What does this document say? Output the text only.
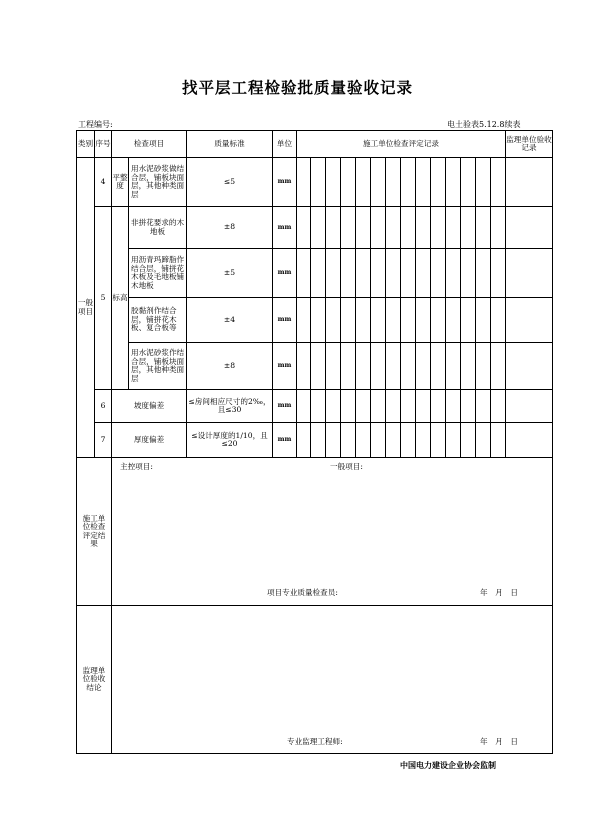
找平层工程检验批质量验收记录
工程编号:	电土验表5.12.8续表
类别	序号	检查项目		质量标准	单位	施工单位检查评定记录														监理单位验收记录
一般项目	4	平整度	用水泥砂浆做结合层，铺板块面层，其他种类面层	≤5	mm															
	5	标高	非拼花要求的木地板	±8	mm															
			用沥青玛蹄脂作结合层，铺拼花木板及毛地板铺木地板	±5	mm															
			胶黏剂作结合层，铺拼花木板、复合板等	±4	mm															
			用水泥砂浆作结合层，铺板块面层，其他种类面层	±8	mm															
	6	坡度偏差		≤房间相应尺寸的2‰，且≤30	mm															
	7	厚度偏差		≤设计厚度的1/10，且≤20	mm															
施工单位检查评定结果		主控项目: 一般项目:
项目专业质量检查员: 年　月　日																		

监理单位验收结论		专业监理工程师: 年　月　日																		
中国电力建设企业协会监制
